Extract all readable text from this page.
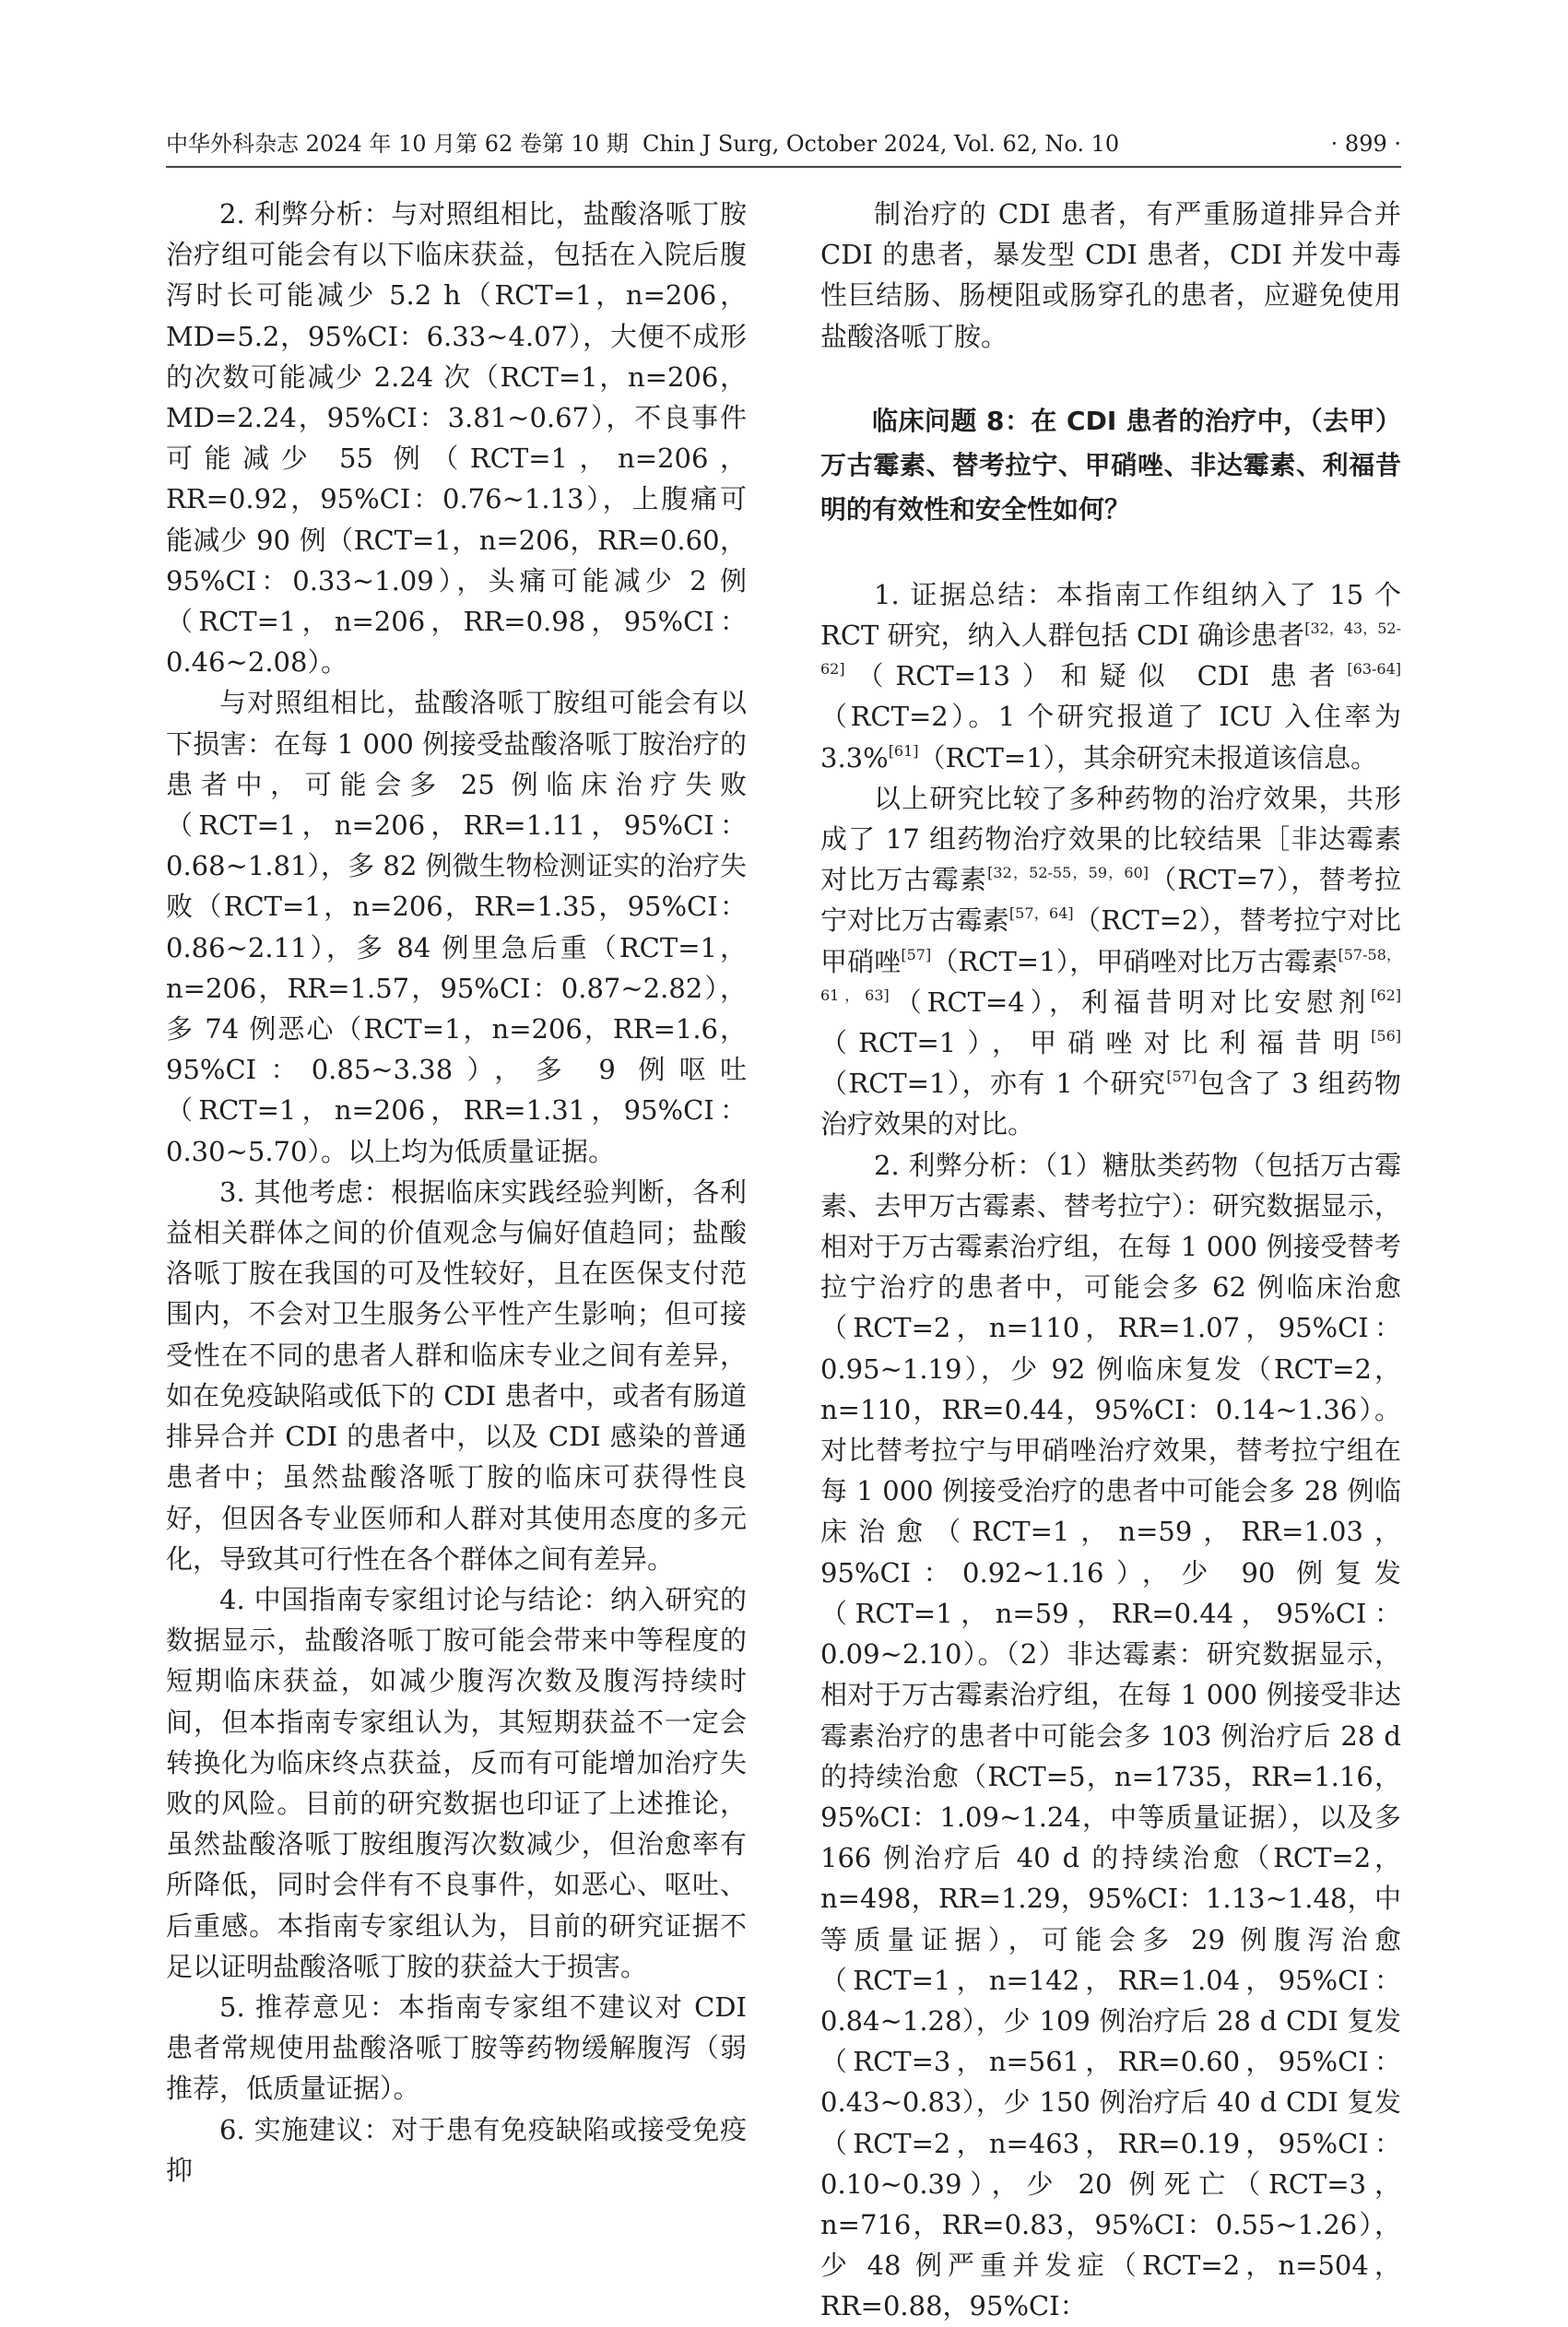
中华外科杂志 2024 年 10 月第 62 卷第 10 期 Chin J Surg, October 2024, Vol. 62, No. 10	· 899 ·

2. 利弊分析：与对照组相比，盐酸洛哌丁胺治疗组可能会有以下临床获益，包括在入院后腹泻时长可能减少 5.2 h（RCT=1，n=206，MD=5.2，95%CI：6.33~4.07），大便不成形的次数可能减少 2.24 次（RCT=1，n=206，MD=2.24，95%CI：3.81~0.67），不良事件可能减少 55 例（RCT=1，n=206，RR=0.92，95%CI：0.76~1.13），上腹痛可能减少 90 例（RCT=1，n=206，RR=0.60，95%CI：0.33~1.09），头痛可能减少 2 例（RCT=1，n=206，RR=0.98，95%CI：0.46~2.08）。

与对照组相比，盐酸洛哌丁胺组可能会有以下损害：在每 1 000 例接受盐酸洛哌丁胺治疗的患者中，可能会多 25 例临床治疗失败（RCT=1，n=206，RR=1.11，95%CI：0.68~1.81），多 82 例微生物检测证实的治疗失败（RCT=1，n=206，RR=1.35，95%CI：0.86~2.11），多 84 例里急后重（RCT=1，n=206，RR=1.57，95%CI：0.87~2.82），多 74 例恶心（RCT=1，n=206，RR=1.6，95%CI：0.85~3.38），多 9 例呕吐（RCT=1，n=206，RR=1.31，95%CI：0.30~5.70）。以上均为低质量证据。

3. 其他考虑：根据临床实践经验判断，各利益相关群体之间的价值观念与偏好值趋同；盐酸洛哌丁胺在我国的可及性较好，且在医保支付范围内，不会对卫生服务公平性产生影响；但可接受性在不同的患者人群和临床专业之间有差异，如在免疫缺陷或低下的 CDI 患者中，或者有肠道排异合并 CDI 的患者中，以及 CDI 感染的普通患者中；虽然盐酸洛哌丁胺的临床可获得性良好，但因各专业医师和人群对其使用态度的多元化，导致其可行性在各个群体之间有差异。

4. 中国指南专家组讨论与结论：纳入研究的数据显示，盐酸洛哌丁胺可能会带来中等程度的短期临床获益，如减少腹泻次数及腹泻持续时间，但本指南专家组认为，其短期获益不一定会转换化为临床终点获益，反而有可能增加治疗失败的风险。目前的研究数据也印证了上述推论，虽然盐酸洛哌丁胺组腹泻次数减少，但治愈率有所降低，同时会伴有不良事件，如恶心、呕吐、后重感。本指南专家组认为，目前的研究证据不足以证明盐酸洛哌丁胺的获益大于损害。

5. 推荐意见：本指南专家组不建议对 CDI 患者常规使用盐酸洛哌丁胺等药物缓解腹泻（弱推荐，低质量证据）。

6. 实施建议：对于患有免疫缺陷或接受免疫抑

制治疗的 CDI 患者，有严重肠道排异合并 CDI 的患者，暴发型 CDI 患者，CDI 并发中毒性巨结肠、肠梗阻或肠穿孔的患者，应避免使用盐酸洛哌丁胺。

临床问题 8：在 CDI 患者的治疗中，（去甲）万古霉素、替考拉宁、甲硝唑、非达霉素、利福昔明的有效性和安全性如何？

1. 证据总结：本指南工作组纳入了 15 个 RCT 研究，纳入人群包括 CDI 确诊患者[32，43，52-62]（RCT=13）和疑似 CDI 患者[63-64]（RCT=2）。1 个研究报道了 ICU 入住率为 3.3%[61]（RCT=1），其余研究未报道该信息。

以上研究比较了多种药物的治疗效果，共形成了 17 组药物治疗效果的比较结果［非达霉素对比万古霉素[32，52-55，59，60]（RCT=7），替考拉宁对比万古霉素[57，64]（RCT=2），替考拉宁对比甲硝唑[57]（RCT=1），甲硝唑对比万古霉素[57-58，61，63]（RCT=4），利福昔明对比安慰剂[62]（RCT=1），甲硝唑对比利福昔明[56]（RCT=1），亦有 1 个研究[57]包含了 3 组药物治疗效果的对比。

2. 利弊分析：（1）糖肽类药物（包括万古霉素、去甲万古霉素、替考拉宁）：研究数据显示，相对于万古霉素治疗组，在每 1 000 例接受替考拉宁治疗的患者中，可能会多 62 例临床治愈（RCT=2，n=110，RR=1.07，95%CI：0.95~1.19），少 92 例临床复发（RCT=2，n=110，RR=0.44，95%CI：0.14~1.36）。对比替考拉宁与甲硝唑治疗效果，替考拉宁组在每 1 000 例接受治疗的患者中可能会多 28 例临床治愈（RCT=1，n=59，RR=1.03，95%CI：0.92~1.16），少 90 例复发（RCT=1，n=59，RR=0.44，95%CI：0.09~2.10）。（2）非达霉素：研究数据显示，相对于万古霉素治疗组，在每 1 000 例接受非达霉素治疗的患者中可能会多 103 例治疗后 28 d 的持续治愈（RCT=5，n=1735，RR=1.16，95%CI：1.09~1.24，中等质量证据），以及多 166 例治疗后 40 d 的持续治愈（RCT=2，n=498，RR=1.29，95%CI：1.13~1.48，中等质量证据），可能会多 29 例腹泻治愈（RCT=1，n=142，RR=1.04，95%CI：0.84~1.28），少 109 例治疗后 28 d CDI 复发（RCT=3，n=561，RR=0.60，95%CI：0.43~0.83），少 150 例治疗后 40 d CDI 复发（RCT=2，n=463，RR=0.19，95%CI：0.10~0.39），少 20 例死亡（RCT=3，n=716，RR=0.83，95%CI：0.55~1.26），少 48 例严重并发症（RCT=2，n=504，RR=0.88，95%CI：
